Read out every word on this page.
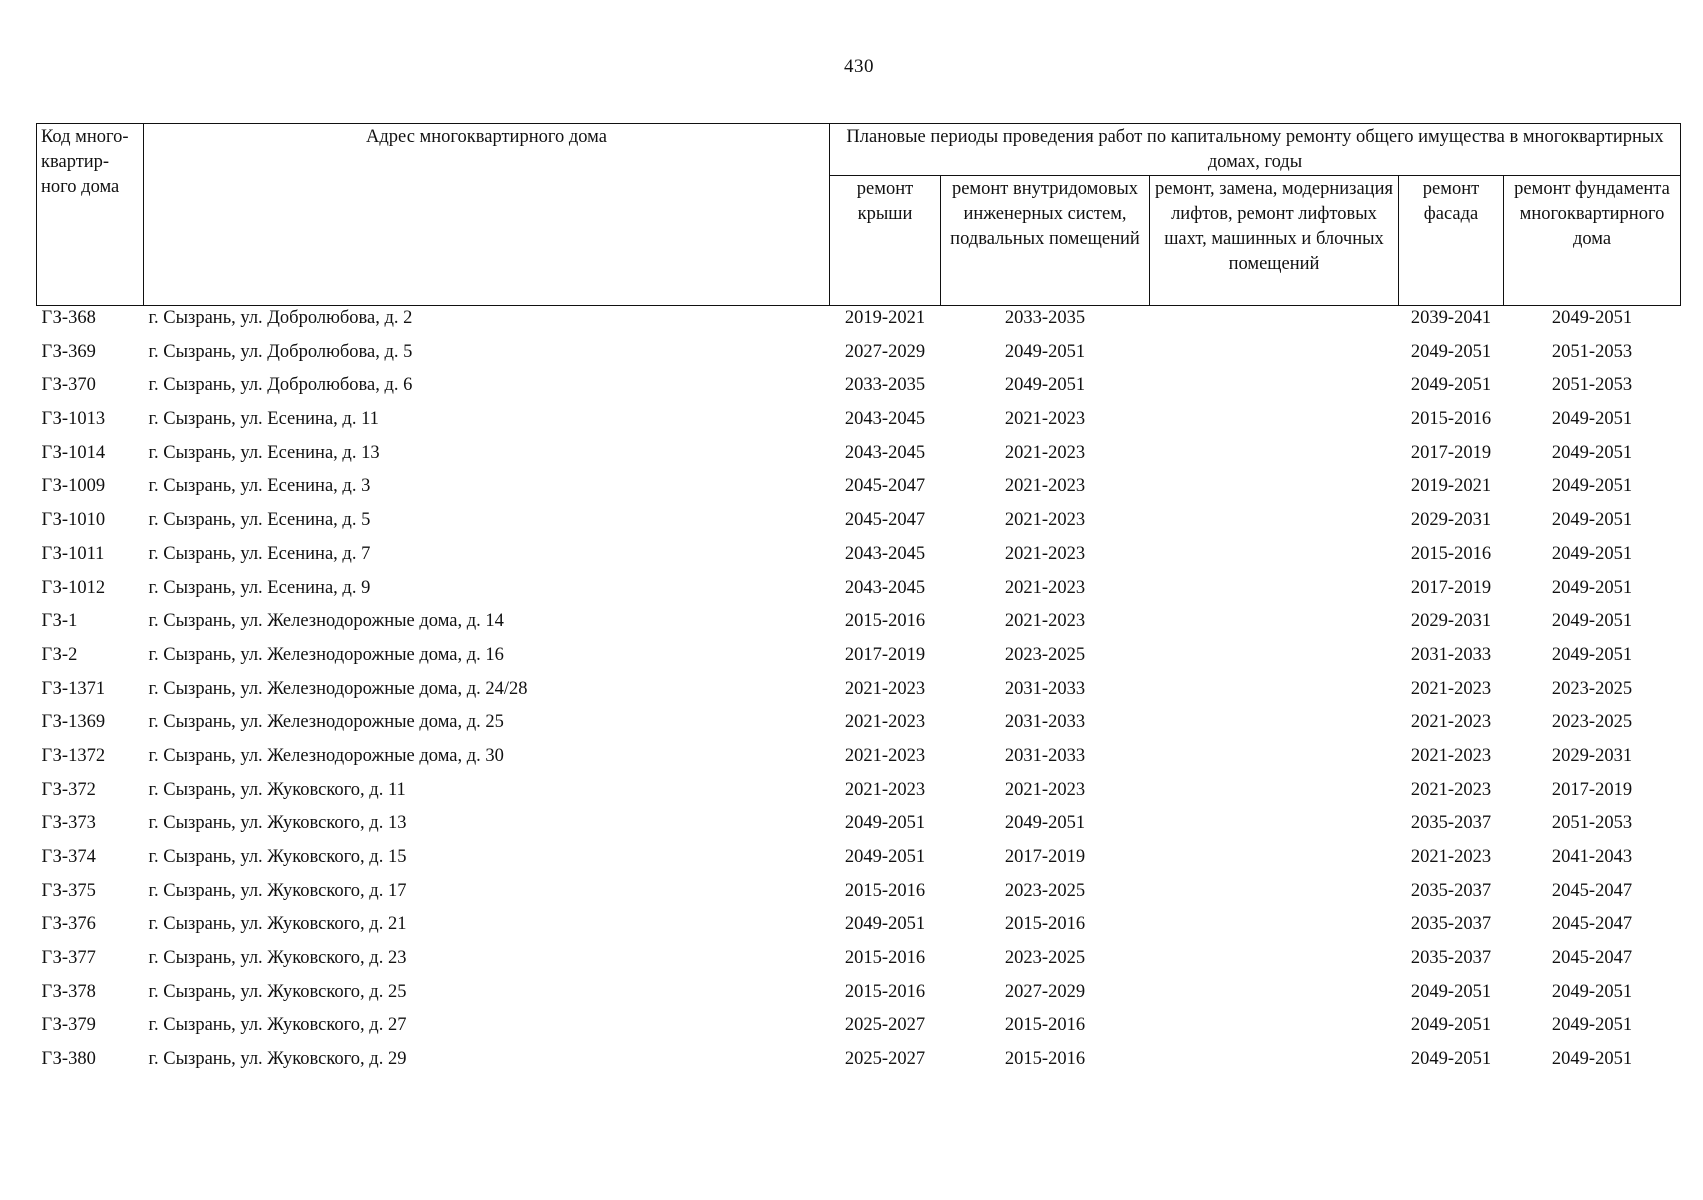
430
Код много-квартир-ного дома	Адрес многоквартирного дома	Плановые периоды проведения работ по капитальному ремонту общего имущества в многоквартирных домах, годы				
		ремонт крыши	ремонт внутридомовых инженерных систем, подвальных помещений	ремонт, замена, модернизация лифтов, ремонт лифтовых шахт, машинных и блочных помещений	ремонт фасада	ремонт фундамента многоквартирного дома
ГЗ-368	г. Сызрань, ул. Добролюбова, д. 2	2019-2021	2033-2035		2039-2041	2049-2051
ГЗ-369	г. Сызрань, ул. Добролюбова, д. 5	2027-2029	2049-2051		2049-2051	2051-2053
ГЗ-370	г. Сызрань, ул. Добролюбова, д. 6	2033-2035	2049-2051		2049-2051	2051-2053
ГЗ-1013	г. Сызрань, ул. Есенина, д. 11	2043-2045	2021-2023		2015-2016	2049-2051
ГЗ-1014	г. Сызрань, ул. Есенина, д. 13	2043-2045	2021-2023		2017-2019	2049-2051
ГЗ-1009	г. Сызрань, ул. Есенина, д. 3	2045-2047	2021-2023		2019-2021	2049-2051
ГЗ-1010	г. Сызрань, ул. Есенина, д. 5	2045-2047	2021-2023		2029-2031	2049-2051
ГЗ-1011	г. Сызрань, ул. Есенина, д. 7	2043-2045	2021-2023		2015-2016	2049-2051
ГЗ-1012	г. Сызрань, ул. Есенина, д. 9	2043-2045	2021-2023		2017-2019	2049-2051
ГЗ-1	г. Сызрань, ул. Железнодорожные дома, д. 14	2015-2016	2021-2023		2029-2031	2049-2051
ГЗ-2	г. Сызрань, ул. Железнодорожные дома, д. 16	2017-2019	2023-2025		2031-2033	2049-2051
ГЗ-1371	г. Сызрань, ул. Железнодорожные дома, д. 24/28	2021-2023	2031-2033		2021-2023	2023-2025
ГЗ-1369	г. Сызрань, ул. Железнодорожные дома, д. 25	2021-2023	2031-2033		2021-2023	2023-2025
ГЗ-1372	г. Сызрань, ул. Железнодорожные дома, д. 30	2021-2023	2031-2033		2021-2023	2029-2031
ГЗ-372	г. Сызрань, ул. Жуковского, д. 11	2021-2023	2021-2023		2021-2023	2017-2019
ГЗ-373	г. Сызрань, ул. Жуковского, д. 13	2049-2051	2049-2051		2035-2037	2051-2053
ГЗ-374	г. Сызрань, ул. Жуковского, д. 15	2049-2051	2017-2019		2021-2023	2041-2043
ГЗ-375	г. Сызрань, ул. Жуковского, д. 17	2015-2016	2023-2025		2035-2037	2045-2047
ГЗ-376	г. Сызрань, ул. Жуковского, д. 21	2049-2051	2015-2016		2035-2037	2045-2047
ГЗ-377	г. Сызрань, ул. Жуковского, д. 23	2015-2016	2023-2025		2035-2037	2045-2047
ГЗ-378	г. Сызрань, ул. Жуковского, д. 25	2015-2016	2027-2029		2049-2051	2049-2051
ГЗ-379	г. Сызрань, ул. Жуковского, д. 27	2025-2027	2015-2016		2049-2051	2049-2051
ГЗ-380	г. Сызрань, ул. Жуковского, д. 29	2025-2027	2015-2016		2049-2051	2049-2051
